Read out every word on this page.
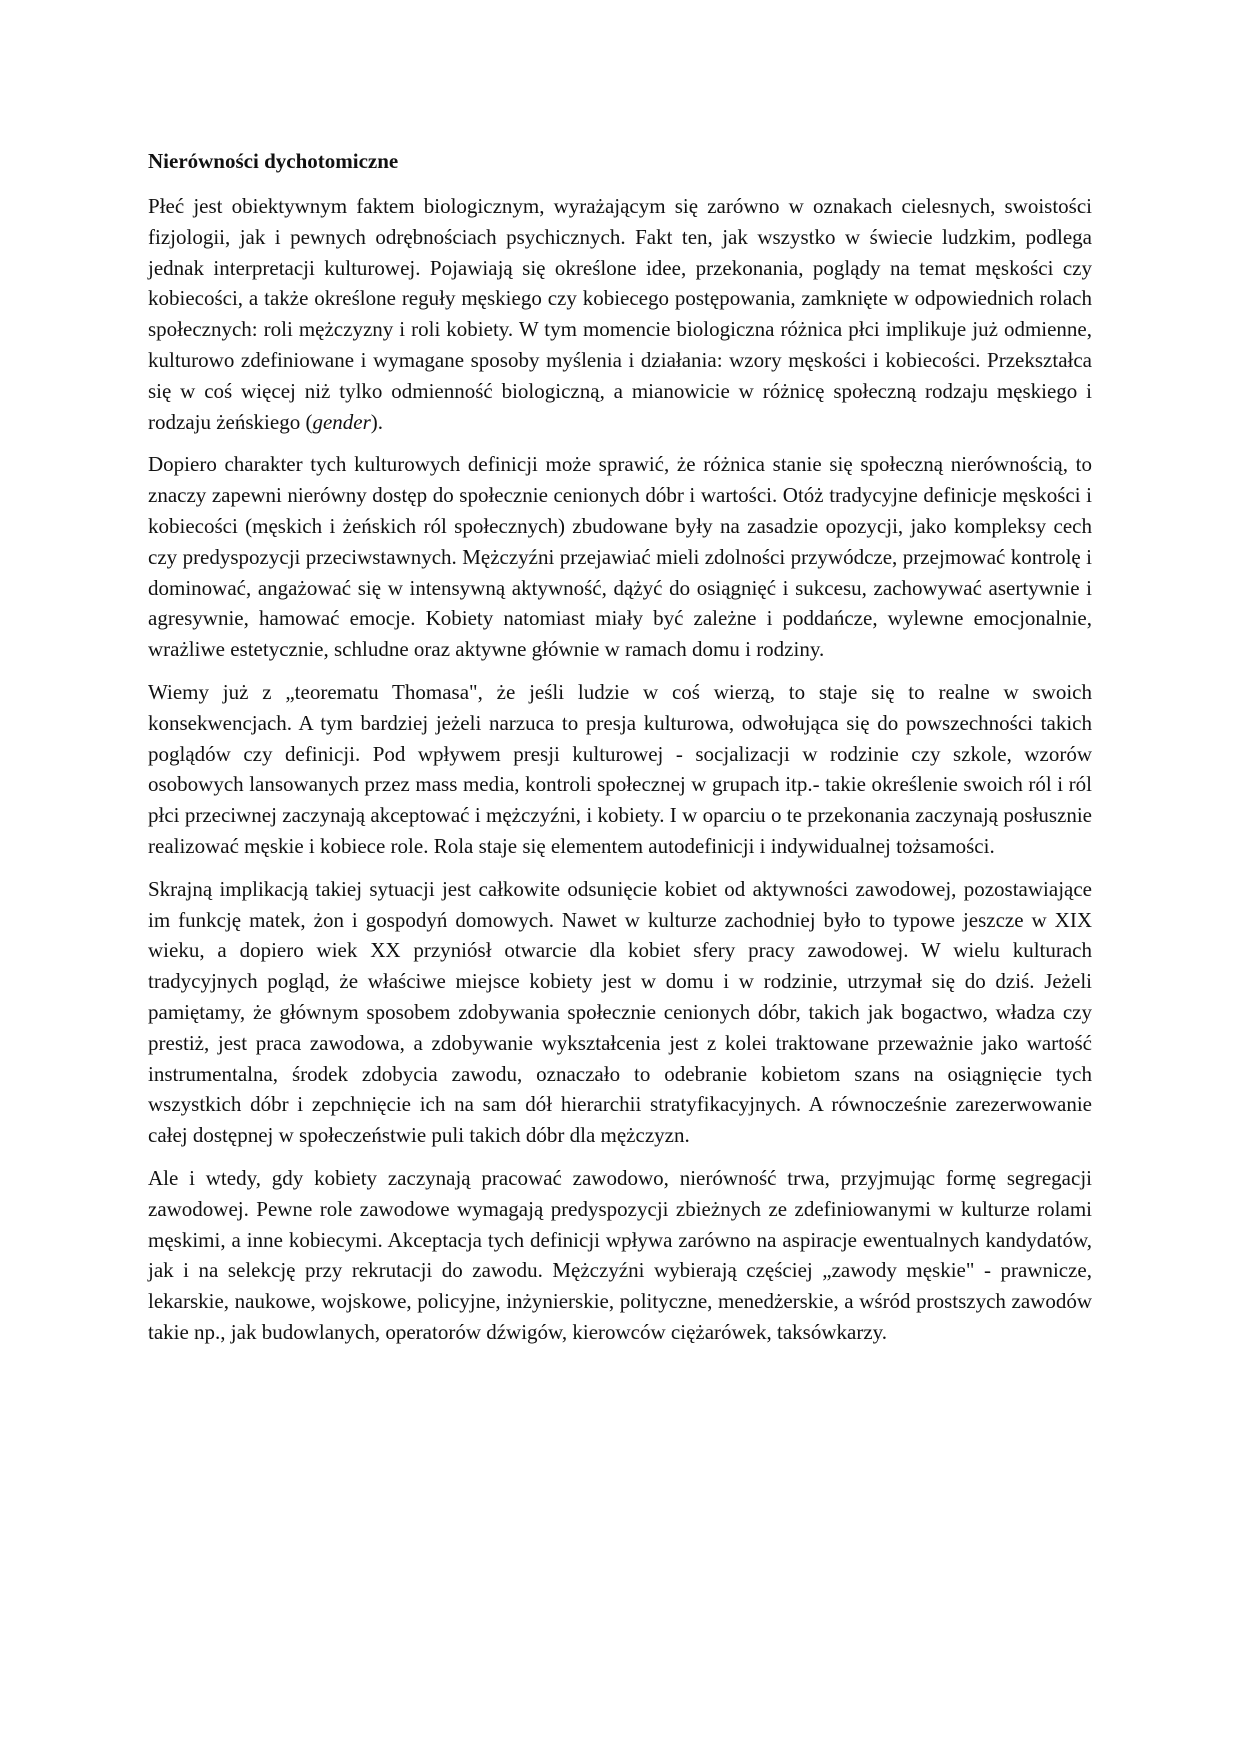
Nierówności dychotomiczne

Płeć jest obiektywnym faktem biologicznym, wyrażającym się zarówno w oznakach cielesnych, swoistości fizjologii, jak i pewnych odrębnościach psychicznych. Fakt ten, jak wszystko w świecie ludzkim, podlega jednak interpretacji kulturowej. Pojawiają się określone idee, przekonania, poglądy na temat męskości czy kobiecości, a także określone reguły męskiego czy kobiecego postępowania, zamknięte w odpowiednich rolach społecznych: roli mężczyzny i roli kobiety. W tym momencie biologiczna różnica płci implikuje już odmienne, kulturowo zdefiniowane i wymagane sposoby myślenia i działania: wzory męskości i kobiecości. Przekształca się w coś więcej niż tylko odmienność biologiczną, a mianowicie w różnicę społeczną rodzaju męskiego i rodzaju żeńskiego (gender).

Dopiero charakter tych kulturowych definicji może sprawić, że różnica stanie się społeczną nierównością, to znaczy zapewni nierówny dostęp do społecznie cenionych dóbr i wartości. Otóż tradycyjne definicje męskości i kobiecości (męskich i żeńskich ról społecznych) zbudowane były na zasadzie opozycji, jako kompleksy cech czy predyspozycji przeciwstawnych. Mężczyźni przejawiać mieli zdolności przywódcze, przejmować kontrolę i dominować, angażować się w intensywną aktywność, dążyć do osiągnięć i sukcesu, zachowywać asertywnie i agresywnie, hamować emocje. Kobiety natomiast miały być zależne i poddańcze, wylewne emocjonalnie, wrażliwe estetycznie, schludne oraz aktywne głównie w ramach domu i rodziny.

Wiemy już z „teorematu Thomasa", że jeśli ludzie w coś wierzą, to staje się to realne w swoich konsekwencjach. A tym bardziej jeżeli narzuca to presja kulturowa, odwołująca się do powszechności takich poglądów czy definicji. Pod wpływem presji kulturowej - socjalizacji w rodzinie czy szkole, wzorów osobowych lansowanych przez mass media, kontroli społecznej w grupach itp.- takie określenie swoich ról i ról płci przeciwnej zaczynają akceptować i mężczyźni, i kobiety. I w oparciu o te przekonania zaczynają posłusznie realizować męskie i kobiece role. Rola staje się elementem autodefinicji i indywidualnej tożsamości.

Skrajną implikacją takiej sytuacji jest całkowite odsunięcie kobiet od aktywności zawodowej, pozostawiające im funkcję matek, żon i gospodyń domowych. Nawet w kulturze zachodniej było to typowe jeszcze w XIX wieku, a dopiero wiek XX przyniósł otwarcie dla kobiet sfery pracy zawodowej. W wielu kulturach tradycyjnych pogląd, że właściwe miejsce kobiety jest w domu i w rodzinie, utrzymał się do dziś. Jeżeli pamiętamy, że głównym sposobem zdobywania społecznie cenionych dóbr, takich jak bogactwo, władza czy prestiż, jest praca zawodowa, a zdobywanie wykształcenia jest z kolei traktowane przeważnie jako wartość instrumentalna, środek zdobycia zawodu, oznaczało to odebranie kobietom szans na osiągnięcie tych wszystkich dóbr i zepchnięcie ich na sam dół hierarchii stratyfikacyjnych. A równocześnie zarezerwowanie całej dostępnej w społeczeństwie puli takich dóbr dla mężczyzn.

Ale i wtedy, gdy kobiety zaczynają pracować zawodowo, nierówność trwa, przyjmując formę segregacji zawodowej. Pewne role zawodowe wymagają predyspozycji zbieżnych ze zdefiniowanymi w kulturze rolami męskimi, a inne kobiecymi. Akceptacja tych definicji wpływa zarówno na aspiracje ewentualnych kandydatów, jak i na selekcję przy rekrutacji do zawodu. Mężczyźni wybierają częściej „zawody męskie" - prawnicze, lekarskie, naukowe, wojskowe, policyjne, inżynierskie, polityczne, menedżerskie, a wśród prostszych zawodów takie np., jak budowlanych, operatorów dźwigów, kierowców ciężarówek, taksówkarzy.
